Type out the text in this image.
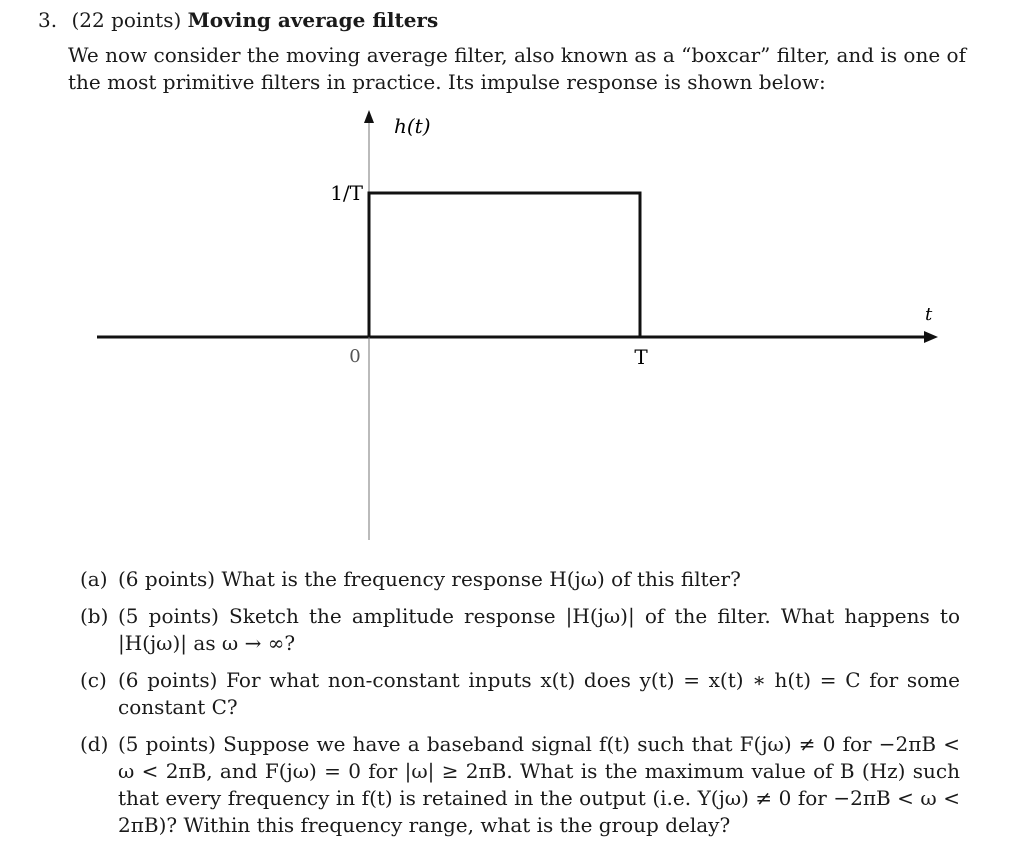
3. (22 points) Moving average filters
We now consider the moving average filter, also known as a “boxcar” filter, and is one of the most primitive filters in practice. Its impulse response is shown below:
h(t)
1/T
t
0	T
(a) (6 points) What is the frequency response H(jω) of this filter?
(b) (5 points) Sketch the amplitude response |H(jω)| of the filter. What happens to |H(jω)| as ω → ∞?
(c) (6 points) For what non-constant inputs x(t) does y(t) = x(t) ∗ h(t) = C for some constant C?
(d) (5 points) Suppose we have a baseband signal f(t) such that F(jω) ≠ 0 for −2πB < ω < 2πB, and F(jω) = 0 for |ω| ≥ 2πB. What is the maximum value of B (Hz) such that every frequency in f(t) is retained in the output (i.e. Y(jω) ≠ 0 for −2πB < ω < 2πB)? Within this frequency range, what is the group delay?
